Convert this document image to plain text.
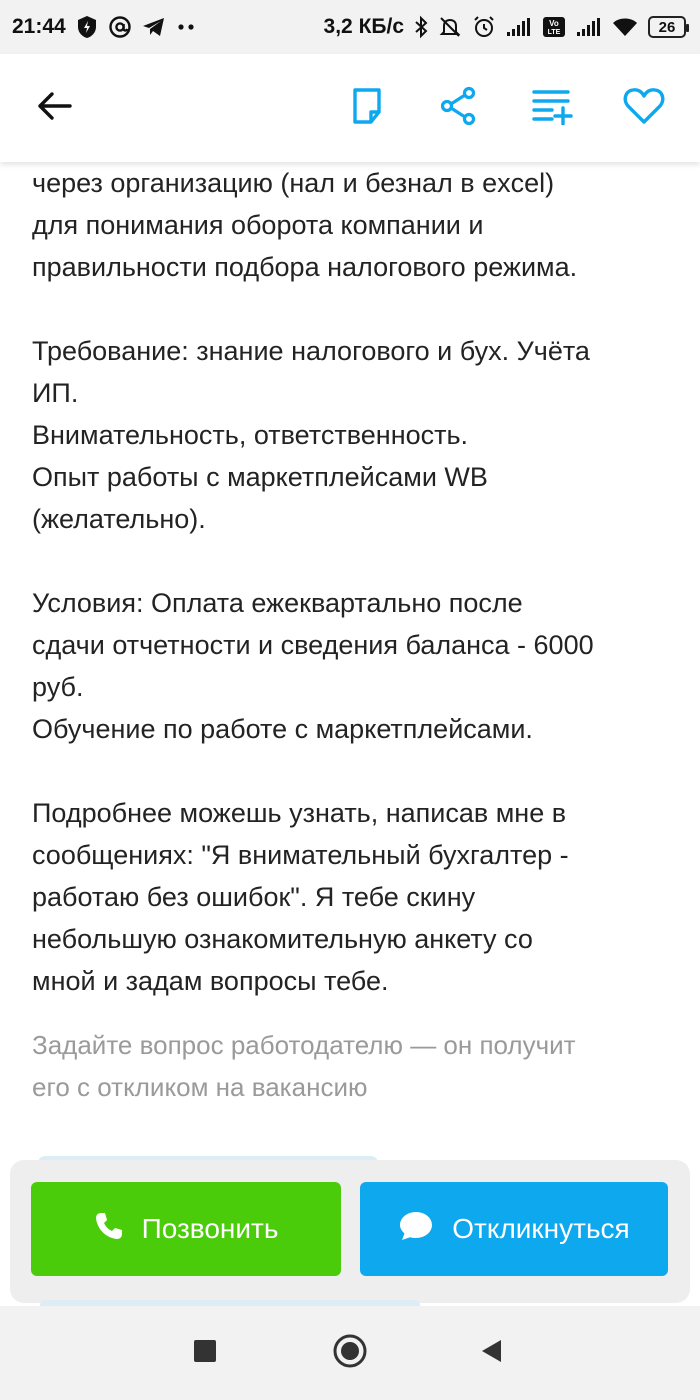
21:44	3,2 КБ/с	Vo
LTE	26

через организацию (нал и безнал в excel)
для понимания оборота компании и
правильности подбора налогового режима.

Требование: знание налогового и бух. Учёта
ИП.
Внимательность, ответственность.
Опыт работы с маркетплейсами WB
(желательно).

Условия: Оплата ежеквартально после
сдачи отчетности и сведения баланса - 6000
руб.
Обучение по работе с маркетплейсами.

Подробнее можешь узнать, написав мне в
сообщениях: "Я внимательный бухгалтер -
работаю без ошибок". Я тебе скину
небольшую ознакомительную анкету со
мной и задам вопросы тебе.

Задайте вопрос работодателю — он получит
его с откликом на вакансию

Позвонить	Откликнуться
